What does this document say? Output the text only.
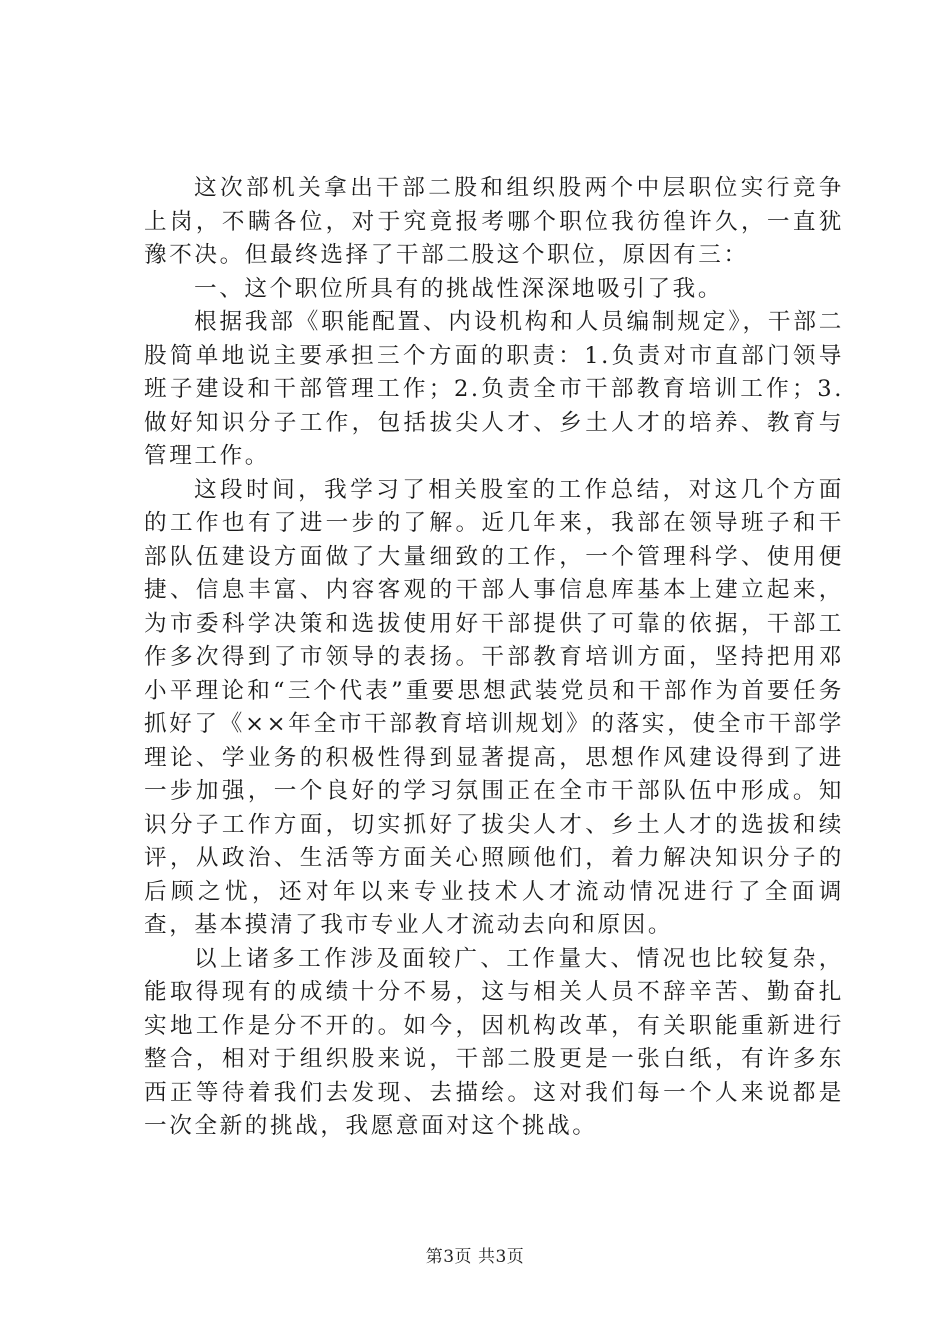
这次部机关拿出干部二股和组织股两个中层职位实行竞争上岗，不瞒各位，对于究竟报考哪个职位我彷徨许久，一直犹豫不决。但最终选择了干部二股这个职位，原因有三：

一、这个职位所具有的挑战性深深地吸引了我。

根据我部《职能配置、内设机构和人员编制规定》，干部二股简单地说主要承担三个方面的职责：1.负责对市直部门领导班子建设和干部管理工作；2.负责全市干部教育培训工作；3.做好知识分子工作，包括拔尖人才、乡土人才的培养、教育与管理工作。

这段时间，我学习了相关股室的工作总结，对这几个方面的工作也有了进一步的了解。近几年来，我部在领导班子和干部队伍建设方面做了大量细致的工作，一个管理科学、使用便捷、信息丰富、内容客观的干部人事信息库基本上建立起来，为市委科学决策和选拔使用好干部提供了可靠的依据，干部工作多次得到了市领导的表扬。干部教育培训方面，坚持把用邓小平理论和“三个代表”重要思想武装党员和干部作为首要任务抓好了《××年全市干部教育培训规划》的落实，使全市干部学理论、学业务的积极性得到显著提高，思想作风建设得到了进一步加强，一个良好的学习氛围正在全市干部队伍中形成。知识分子工作方面，切实抓好了拔尖人才、乡土人才的选拔和续评，从政治、生活等方面关心照顾他们，着力解决知识分子的后顾之忧，还对年以来专业技术人才流动情况进行了全面调查，基本摸清了我市专业人才流动去向和原因。

以上诸多工作涉及面较广、工作量大、情况也比较复杂，能取得现有的成绩十分不易，这与相关人员不辞辛苦、勤奋扎实地工作是分不开的。如今，因机构改革，有关职能重新进行整合，相对于组织股来说，干部二股更是一张白纸，有许多东西正等待着我们去发现、去描绘。这对我们每一个人来说都是一次全新的挑战，我愿意面对这个挑战。

第3页 共3页
